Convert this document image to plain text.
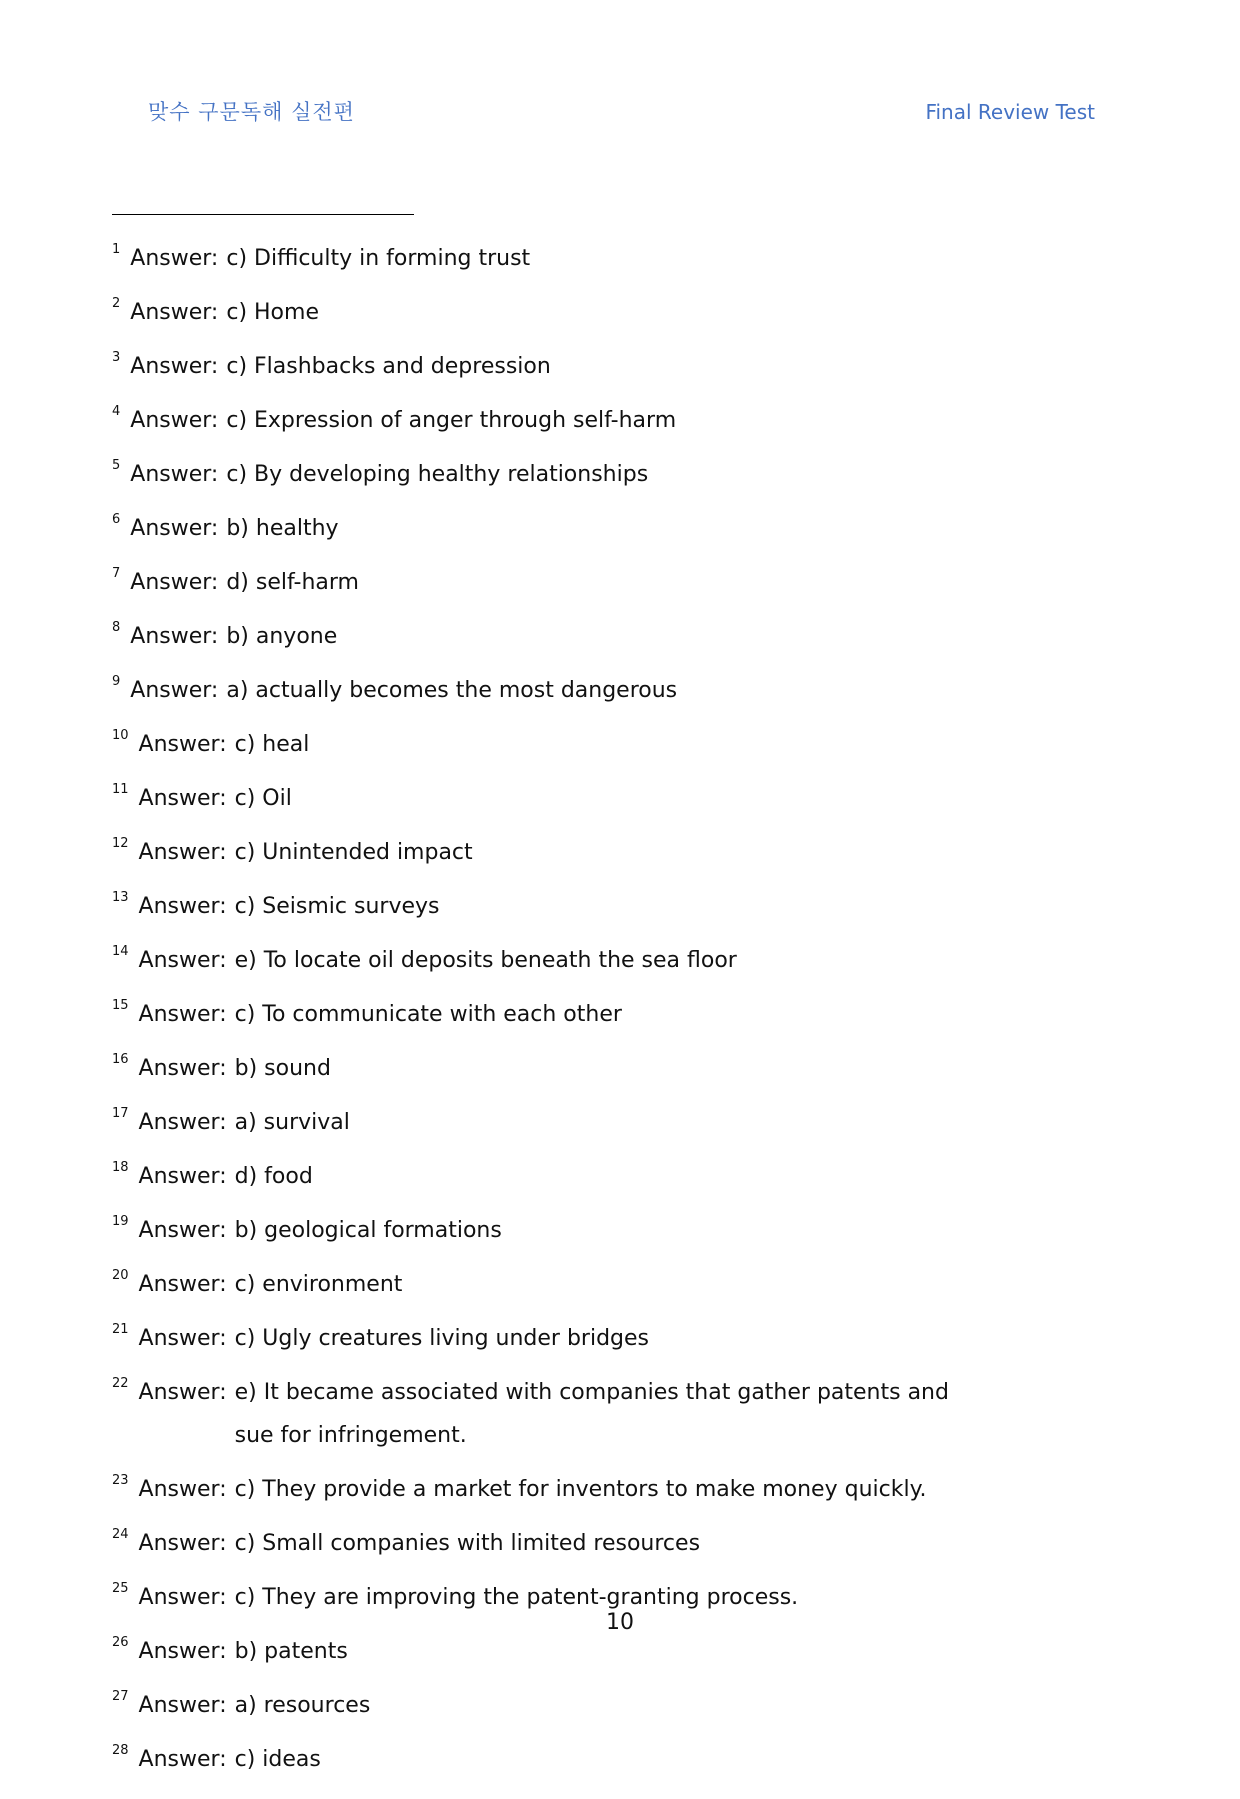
맞수 구문독해 실전편	Final Review Test
1 Answer: c) Difficulty in forming trust
2 Answer: c) Home
3 Answer: c) Flashbacks and depression
4 Answer: c) Expression of anger through self-harm
5 Answer: c) By developing healthy relationships
6 Answer: b) healthy
7 Answer: d) self-harm
8 Answer: b) anyone
9 Answer: a) actually becomes the most dangerous
10 Answer: c) heal
11 Answer: c) Oil
12 Answer: c) Unintended impact
13 Answer: c) Seismic surveys
14 Answer: e) To locate oil deposits beneath the sea floor
15 Answer: c) To communicate with each other
16 Answer: b) sound
17 Answer: a) survival
18 Answer: d) food
19 Answer: b) geological formations
20 Answer: c) environment
21 Answer: c) Ugly creatures living under bridges
22 Answer: e) It became associated with companies that gather patents and sue for infringement.
23 Answer: c) They provide a market for inventors to make money quickly.
24 Answer: c) Small companies with limited resources
25 Answer: c) They are improving the patent-granting process.
26 Answer: b) patents
27 Answer: a) resources
28 Answer: c) ideas
10
